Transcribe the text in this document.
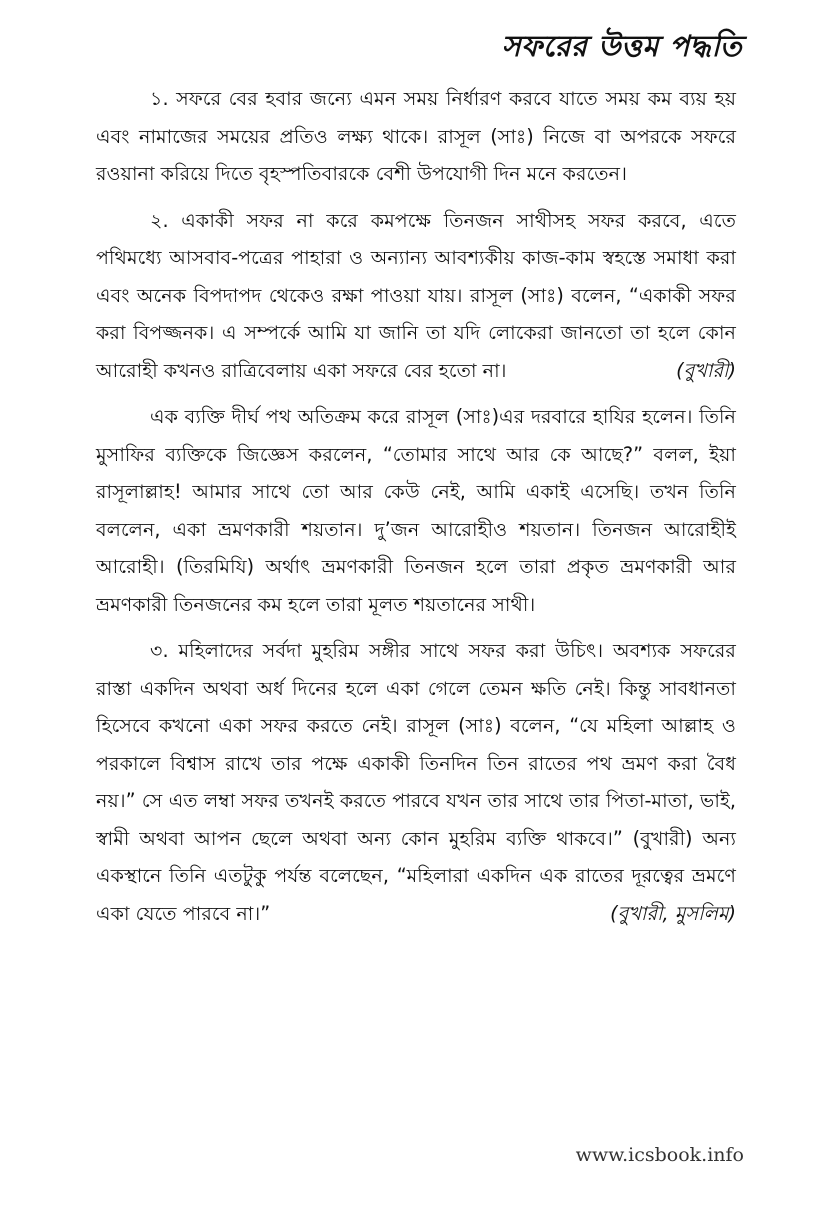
সফরের উত্তম পদ্ধতি

১. সফরে বের হবার জন্যে এমন সময় নির্ধারণ করবে যাতে সময় কম ব্যয় হয় এবং নামাজের সময়ের প্রতিও লক্ষ্য থাকে। রাসূল (সাঃ) নিজে বা অপরকে সফরে রওয়ানা করিয়ে দিতে বৃহস্পতিবারকে বেশী উপযোগী দিন মনে করতেন।

২. একাকী সফর না করে কমপক্ষে তিনজন সাথীসহ সফর করবে, এতে পথিমধ্যে আসবাব-পত্রের পাহারা ও অন্যান্য আবশ্যকীয় কাজ-কাম স্বহস্তে সমাধা করা এবং অনেক বিপদাপদ থেকেও রক্ষা পাওয়া যায়। রাসূল (সাঃ) বলেন, “একাকী সফর করা বিপজ্জনক। এ সম্পর্কে আমি যা জানি তা যদি লোকেরা জানতো তা হলে কোন আরোহী কখনও রাত্রিবেলায় একা সফরে বের হতো না।	(বুখারী)

এক ব্যক্তি দীর্ঘ পথ অতিক্রম করে রাসূল (সাঃ)এর দরবারে হাযির হলেন। তিনি মুসাফির ব্যক্তিকে জিজ্ঞেস করলেন, “তোমার সাথে আর কে আছে?” বলল, ইয়া রাসূলাল্লাহ! আমার সাথে তো আর কেউ নেই, আমি একাই এসেছি। তখন তিনি বললেন, একা ভ্রমণকারী শয়তান। দু’জন আরোহীও শয়তান। তিনজন আরোহীই আরোহী। (তিরমিযি) অর্থাৎ ভ্রমণকারী তিনজন হলে তারা প্রকৃত ভ্রমণকারী আর ভ্রমণকারী তিনজনের কম হলে তারা মূলত শয়তানের সাথী।

৩. মহিলাদের সর্বদা মুহরিম সঙ্গীর সাথে সফর করা উচিৎ। অবশ্যক সফরের রাস্তা একদিন অথবা অর্ধ দিনের হলে একা গেলে তেমন ক্ষতি নেই। কিন্তু সাবধানতা হিসেবে কখনো একা সফর করতে নেই। রাসূল (সাঃ) বলেন, “যে মহিলা আল্লাহ ও পরকালে বিশ্বাস রাখে তার পক্ষে একাকী তিনদিন তিন রাতের পথ ভ্রমণ করা বৈধ নয়।” সে এত লম্বা সফর তখনই করতে পারবে যখন তার সাথে তার পিতা-মাতা, ভাই, স্বামী অথবা আপন ছেলে অথবা অন্য কোন মুহরিম ব্যক্তি থাকবে।” (বুখারী) অন্য একস্থানে তিনি এতটুকু পর্যন্ত বলেছেন, “মহিলারা একদিন এক রাতের দূরত্বের ভ্রমণে একা যেতে পারবে না।”	(বুখারী, মুসলিম)

www.icsbook.info
